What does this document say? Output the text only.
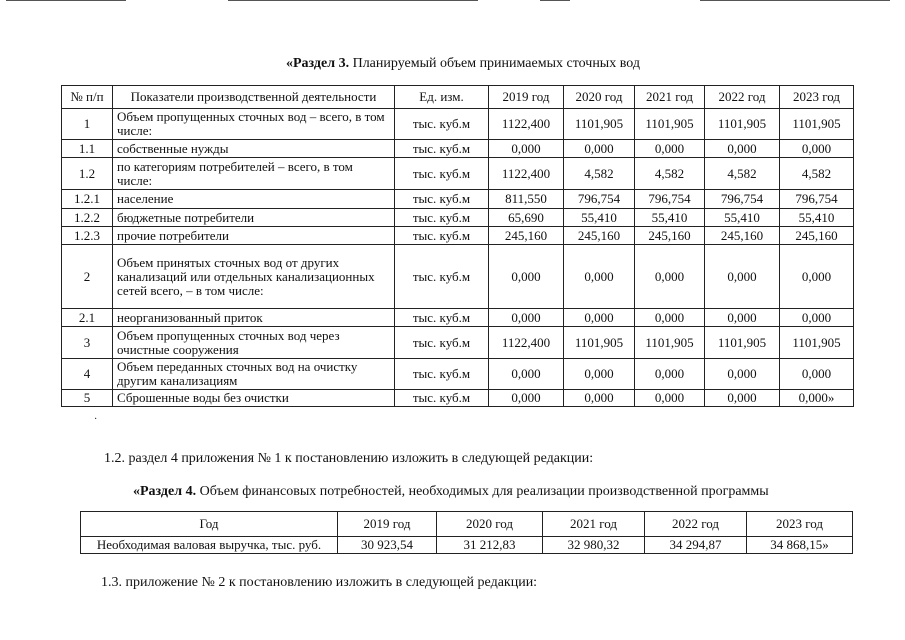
«Раздел 3. Планируемый объем принимаемых сточных вод
№ п/п	Показатели производственной деятельности	Ед. изм.	2019 год	2020 год	2021 год	2022 год	2023 год
1	Объем пропущенных сточных вод – всего, в том числе:	тыс. куб.м	1122,400	1101,905	1101,905	1101,905	1101,905
1.1	собственные нужды	тыс. куб.м	0,000	0,000	0,000	0,000	0,000
1.2	по категориям потребителей – всего, в том числе:	тыс. куб.м	1122,400	4,582	4,582	4,582	4,582
1.2.1	население	тыс. куб.м	811,550	796,754	796,754	796,754	796,754
1.2.2	бюджетные потребители	тыс. куб.м	65,690	55,410	55,410	55,410	55,410
1.2.3	прочие потребители	тыс. куб.м	245,160	245,160	245,160	245,160	245,160
2	Объем принятых сточных вод от других канализаций или отдельных канализационных сетей всего, – в том числе:	тыс. куб.м	0,000	0,000	0,000	0,000	0,000
2.1	неорганизованный приток	тыс. куб.м	0,000	0,000	0,000	0,000	0,000
3	Объем пропущенных сточных вод через очистные сооружения	тыс. куб.м	1122,400	1101,905	1101,905	1101,905	1101,905
4	Объем переданных сточных вод на очистку другим канализациям	тыс. куб.м	0,000	0,000	0,000	0,000	0,000
5	Сброшенные воды без очистки	тыс. куб.м	0,000	0,000	0,000	0,000	0,000»
·
1.2. раздел 4 приложения № 1 к постановлению изложить в следующей редакции:
«Раздел 4. Объем финансовых потребностей, необходимых для реализации производственной программы
Год	2019 год	2020 год	2021 год	2022 год	2023 год
Необходимая валовая выручка, тыс. руб.	30 923,54	31 212,83	32 980,32	34 294,87	34 868,15»
1.3. приложение № 2 к постановлению изложить в следующей редакции:
